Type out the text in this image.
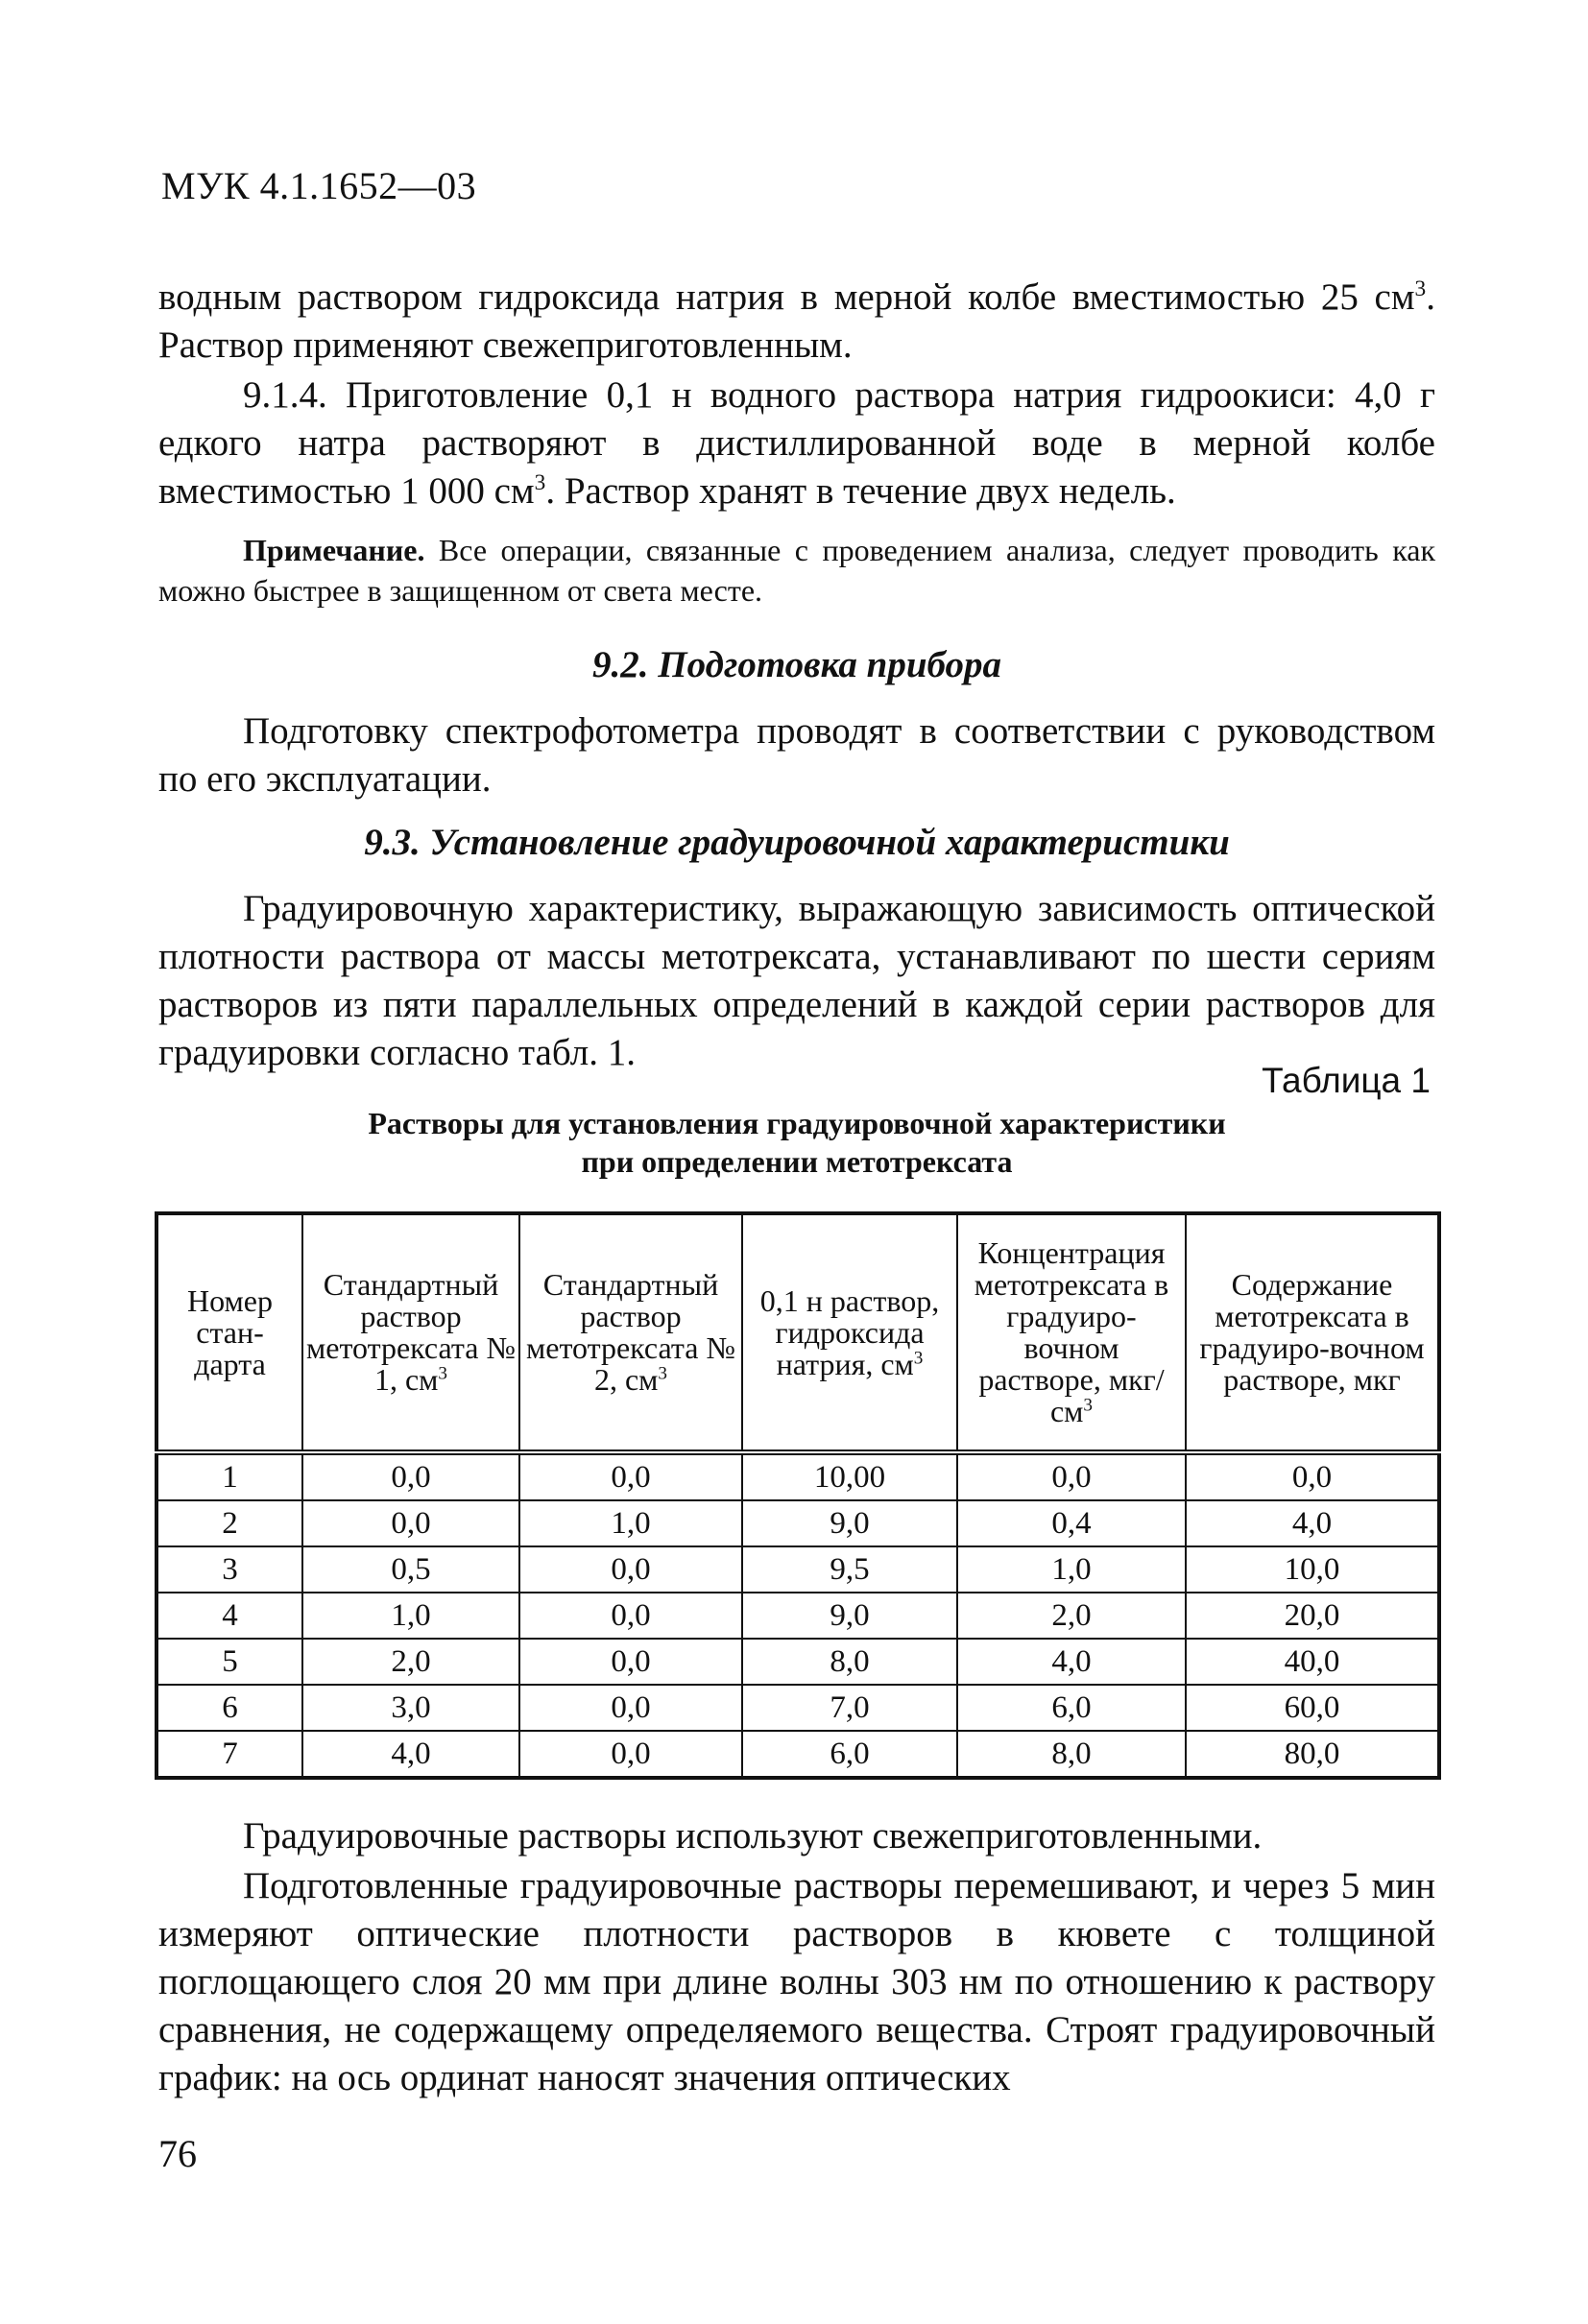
МУК 4.1.1652—03

водным раствором гидроксида натрия в мерной колбе вместимостью 25 $см^3$. Раствор применяют свежеприготовленным.

9.1.4. Приготовление 0,1 н водного раствора натрия гидроокиси: 4,0 г едкого натра растворяют в дистиллированной воде в мерной колбе вместимостью 1 000 $см^3$. Раствор хранят в течение двух недель.

Примечание. Все операции, связанные с проведением анализа, следует проводить как можно быстрее в защищенном от света месте.

9.2. Подготовка прибора

Подготовку спектрофотометра проводят в соответствии с руководством по его эксплуатации.

9.3. Установление градуировочной характеристики

Градуировочную характеристику, выражающую зависимость оптической плотности раствора от массы метотрексата, устанавливают по шести сериям растворов из пяти параллельных определений в каждой серии растворов для градуировки согласно табл. 1.

Таблица 1
Растворы для установления градуировочной характеристики
при определении метотрексата
Номер стан-дарта	Стандартный раствор метотрексата № 1, $см^3$	Стандартный раствор метотрексата № 2, $см^3$	0,1 н раствор, гидроксида натрия, $см^3$	Концентрация метотрексата в градуиро-вочном растворе, мкг/$см^3$	Содержание метотрексата в градуиро-вочном растворе, мкг
1	0,0	0,0	10,00	0,0	0,0
2	0,0	1,0	9,0	0,4	4,0
3	0,5	0,0	9,5	1,0	10,0
4	1,0	0,0	9,0	2,0	20,0
5	2,0	0,0	8,0	4,0	40,0
6	3,0	0,0	7,0	6,0	60,0
7	4,0	0,0	6,0	8,0	80,0

Градуировочные растворы используют свежеприготовленными.

Подготовленные градуировочные растворы перемешивают, и через 5 мин измеряют оптические плотности растворов в кювете с толщиной поглощающего слоя 20 мм при длине волны 303 нм по отношению к раствору сравнения, не содержащему определяемого вещества. Строят градуировочный график: на ось ординат наносят значения оптических

76
